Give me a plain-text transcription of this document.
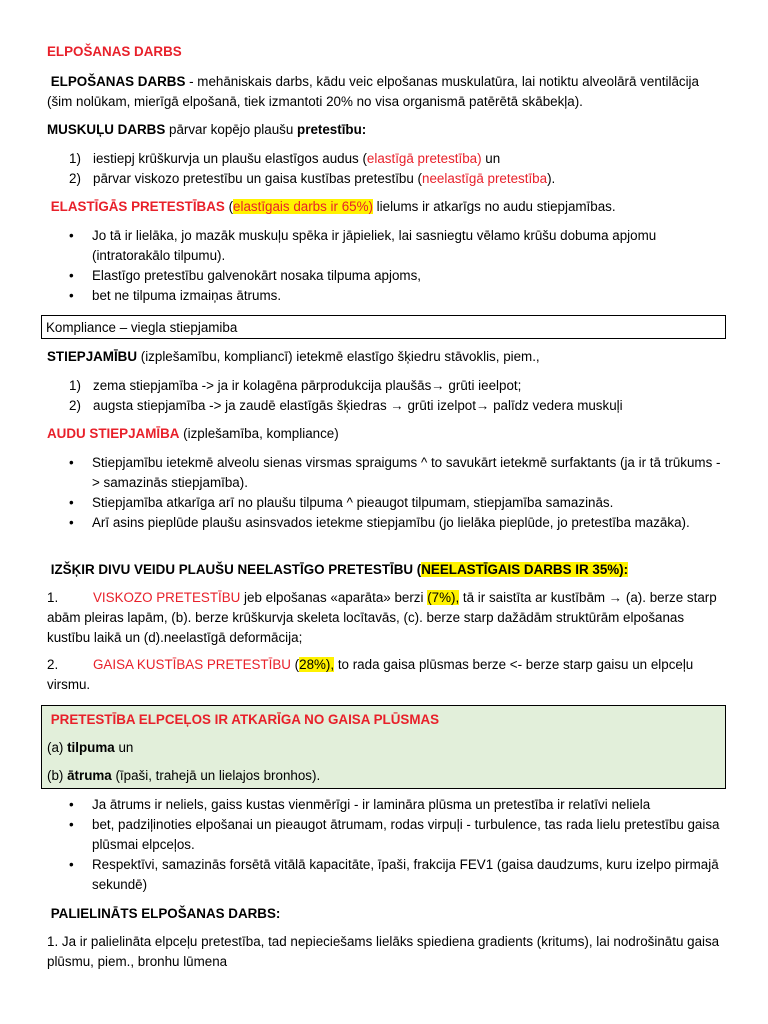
ELPOŠANAS DARBS
ELPOŠANAS DARBS - mehāniskais darbs, kādu veic elpošanas muskulatūra, lai notiktu alveolārā ventilācija (šim nolūkam, mierīgā elpošanā, tiek izmantoti 20% no visa organismā patērētā skābekļa).
MUSKUĻU DARBS pārvar kopējo plaušu pretestību:
1) iestiepj krūškurvja un plaušu elastīgos audus (elastīgā pretestība) un
2) pārvar viskozo pretestību un gaisa kustības pretestību (neelastīgā pretestība).
ELASTĪGĀS PRETESTĪBAS (elastīgais darbs ir 65%) lielums ir atkarīgs no audu stiepjamības.
• Jo tā ir lielāka, jo mazāk muskuļu spēka ir jāpieliek, lai sasniegtu vēlamo krūšu dobuma apjomu (intratorakālo tilpumu).
• Elastīgo pretestību galvenokārt nosaka tilpuma apjoms,
• bet ne tilpuma izmaiņas ātrums.
Kompliance – viegla stiepjamiba
STIEPJAMĪBU (izplešamību, kompliancī) ietekmē elastīgo šķiedru stāvoklis, piem.,
1) zema stiepjamība -> ja ir kolagēna pārprodukcija plaušās→ grūti ieelpot;
2) augsta stiepjamība -> ja zaudē elastīgās šķiedras → grūti izelpot→ palīdz vedera muskuļi
AUDU STIEPJAMĪBA (izplešamība, kompliance)
• Stiepjamību ietekmē alveolu sienas virsmas spraigums ^ to savukārt ietekmē surfaktants (ja ir tā trūkums -> samazinās stiepjamība).
• Stiepjamība atkarīga arī no plaušu tilpuma ^ pieaugot tilpumam, stiepjamība samazinās.
• Arī asins pieplūde plaušu asinsvados ietekme stiepjamību (jo lielāka pieplūde, jo pretestība mazāka).
IZŠĶIR DIVU VEIDU PLAUŠU NEELASTĪGO PRETESTĪBU (NEELASTĪGAIS DARBS IR 35%):
1.	VISKOZO PRETESTĪBU jeb elpošanas «aparāta» berzi (7%), tā ir saistīta ar kustībām → (a). berze starp abām pleiras lapām, (b). berze krūškurvja skeleta locītavās, (c). berze starp dažādām struktūrām elpošanas kustību laikā un (d).neelastīgā deformācija;
2.	GAISA KUSTĪBAS PRETESTĪBU (28%), to rada gaisa plūsmas berze <- berze starp gaisu un elpceļu virsmu.
PRETESTĪBA ELPCEĻOS IR ATKARĪGA NO GAISA PLŪSMAS
(a) tilpuma un
(b) ātruma (īpaši, trahejā un lielajos bronhos).
• Ja ātrums ir neliels, gaiss kustas vienmērīgi - ir lamināra plūsma un pretestība ir relatīvi neliela
• bet, padziļinoties elpošanai un pieaugot ātrumam, rodas virpuļi - turbulence, tas rada lielu pretestību gaisa plūsmai elpceļos.
• Respektīvi, samazinās forsētā vitālā kapacitāte, īpaši, frakcija FEV1 (gaisa daudzums, kuru izelpo pirmajā sekundē)
PALIELINĀTS ELPOŠANAS DARBS:
1. Ja ir palielināta elpceļu pretestība, tad nepieciešams lielāks spiediena gradients (kritums), lai nodrošinātu gaisa plūsmu, piem., bronhu lūmena
